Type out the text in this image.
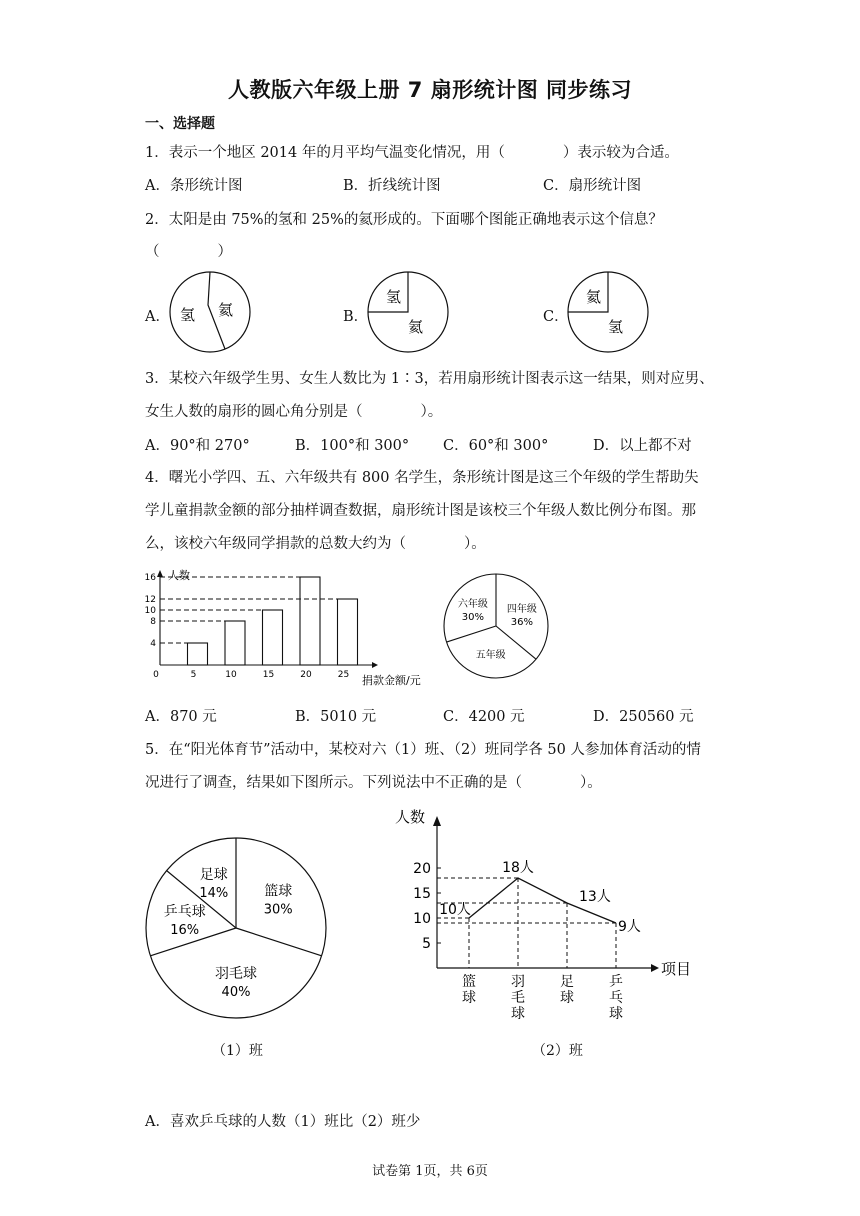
人教版六年级上册 7 扇形统计图 同步练习
一、选择题
1．表示一个地区 2014 年的月平均气温变化情况，用（　　　　）表示较为合适。
A．条形统计图	B．折线统计图	C．扇形统计图
2．太阳是由 75%的氢和 25%的氦形成的。下面哪个图能正确地表示这个信息？
（　　　　）
A． 氢 氦	B．
氢
氦
C．
氦
氢
3．某校六年级学生男、女生人数比为 1∶3，若用扇形统计图表示这一结果，则对应男、
女生人数的扇形的圆心角分别是（　　　　）。
A．90°和 270°	B．100°和 300° C．60°和 300°	D．以上都不对
4．曙光小学四、五、六年级共有 800 名学生，条形统计图是这三个年级的学生帮助失
学儿童捐款金额的部分抽样调查数据，扇形统计图是该校三个年级人数比例分布图。那
么，该校六年级同学捐款的总数大约为（　　　　）。
人数
捐款金额/元
0	5	10	15	20	25
4
8
10
12
16
四年级
36%
五年级
六年级
30%
A．870 元	B．5010 元	C．4200 元	D．250560 元
5．在“阳光体育节”活动中，某校对六（1）班、（2）班同学各 50 人参加体育活动的情
况进行了调查，结果如下图所示。下列说法中不正确的是（　　　　）。
篮球
30%
羽毛球
40%
乒乓球
16%
足球
14%
（1）班
人数
项目
5
10
15
20
篮
球
10人
羽
毛
球
18人
足
球
13人
乒
乓
球
9人
（2）班
A．喜欢乒乓球的人数（1）班比（2）班少
试卷第 1页，共 6页
